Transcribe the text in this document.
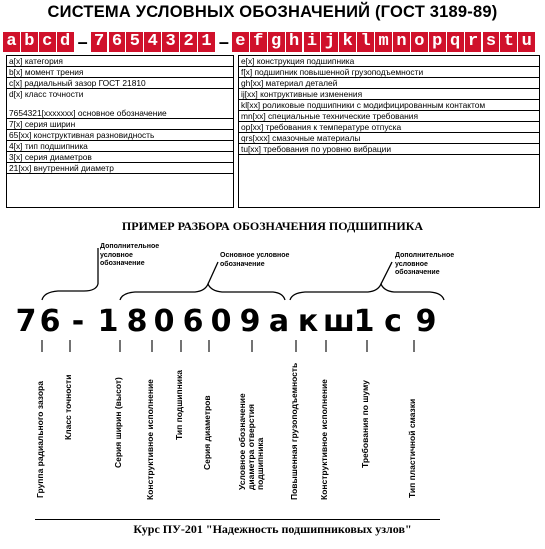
СИСТЕМА УСЛОВНЫХ ОБОЗНАЧЕНИЙ (ГОСТ 3189-89)
a b c d – 7 6 5 4 3 2 1 – e f g h i j k l m n o p q r s t u
a[x] категория
b[x] момент трения
c[x] радиальный зазор ГОСТ 21810
d[x] класс точности
7654321[xxxxxxx] основное обозначение
7[x] серия ширин
65[xx] конструктивная разновидность
4[x] тип подшипника
3[x] серия диаметров
21[xx] внутренний диаметр
e[x] конструкция подшипника
f[x] подшипник повышенной грузоподъемности
gh[xx] материал деталей
ij[xx] контруктивные изменения
kl[xx] роликовые подшипники с модифицированным контактом
mn[xx] специальные технические требования
op[xx] требования к температуре отпуска
qrs[xxx] смазочные материалы
tu[xx] требования по уровню вибрации
ПРИМЕР РАЗБОРА ОБОЗНАЧЕНИЯ ПОДШИПНИКА
Дополнительное
условное
обозначение
Основное условное
обозначение
Дополнительное
условное
обозначение
7 6 - 1 8 0 6 0 9 а к ш
1 с 9
Группа радиального зазора Класс точности	Серия ширин (высот)	Конструктивное исполнение Тип подшипника Серия диаметров	Условное обозначение диаметра отверстия подшипника	Повышенная грузоподъемность Конструктивное исполнение	Требования по шуму	Тип пластичной смазки
Курс ПУ-201 "Надежность подшипниковых узлов"
